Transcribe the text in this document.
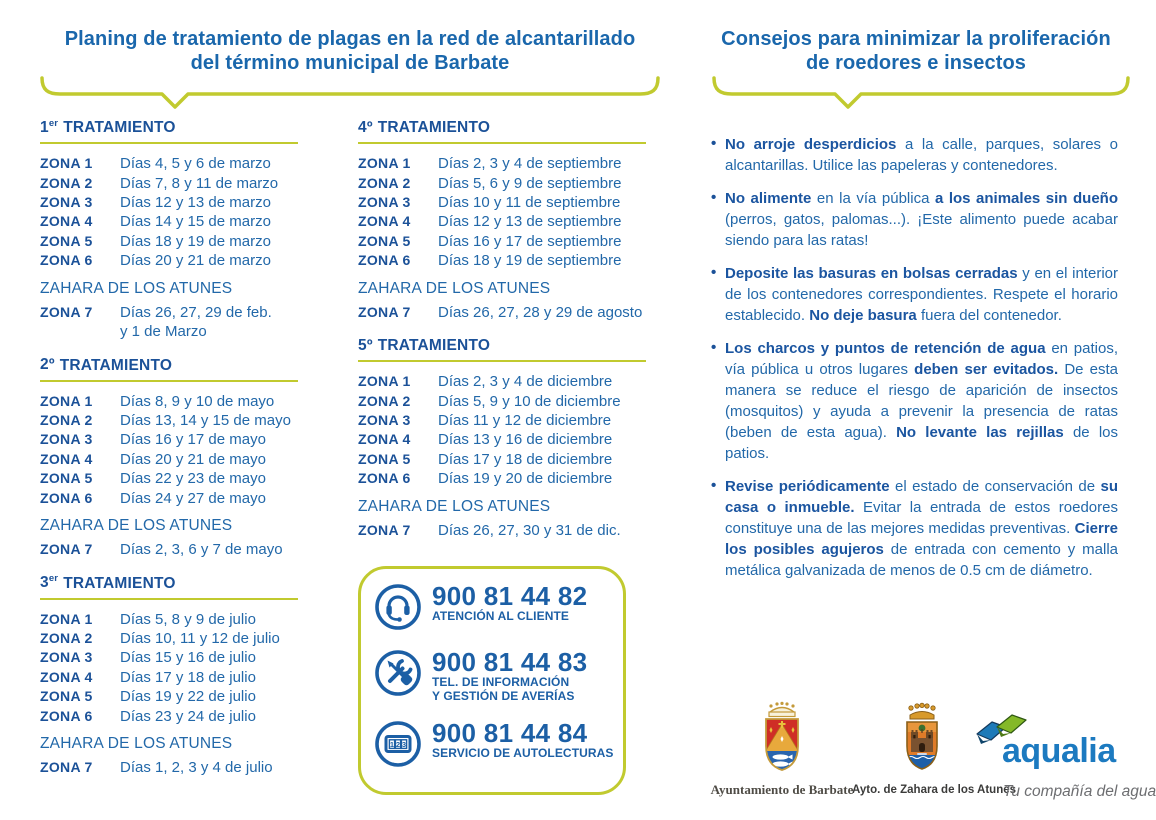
Planing de tratamiento de plagas en la red de alcantarillado
del término municipal de Barbate
Consejos para minimizar la proliferación
de roedores e insectos
1er TRATAMIENTO
ZONA 1	Días 4, 5 y 6 de marzo
ZONA 2	Días 7, 8 y 11 de marzo
ZONA 3	Días 12 y 13 de marzo
ZONA 4	Días 14 y 15 de marzo
ZONA 5	Días 18 y 19 de marzo
ZONA 6	Días 20 y 21 de marzo
ZAHARA DE LOS ATUNES
ZONA 7	Días 26, 27, 29 de feb.
y 1 de Marzo
2º TRATAMIENTO
ZONA 1	Días 8, 9 y 10 de mayo
ZONA 2	Días 13, 14 y 15 de mayo
ZONA 3	Días 16 y 17 de mayo
ZONA 4	Días 20 y 21 de mayo
ZONA 5	Días 22 y 23 de mayo
ZONA 6	Días 24 y 27 de mayo
ZAHARA DE LOS ATUNES
ZONA 7	Días 2, 3, 6 y 7 de mayo
3er TRATAMIENTO
ZONA 1	Días 5, 8 y 9 de julio
ZONA 2	Días 10, 11 y 12 de julio
ZONA 3	Días 15 y 16 de julio
ZONA 4	Días 17 y 18 de julio
ZONA 5	Días 19 y 22 de julio
ZONA 6	Días 23 y 24 de julio
ZAHARA DE LOS ATUNES
ZONA 7	Días 1, 2, 3 y 4 de julio
4º TRATAMIENTO
ZONA 1	Días 2, 3 y 4 de septiembre
ZONA 2	Días 5, 6 y 9 de septiembre
ZONA 3	Días 10 y 11 de septiembre
ZONA 4	Días 12 y 13 de septiembre
ZONA 5	Días 16 y 17 de septiembre
ZONA 6	Días 18 y 19 de septiembre
ZAHARA DE LOS ATUNES
ZONA 7	Días 26, 27, 28 y 29 de agosto
5º TRATAMIENTO
ZONA 1	Días 2, 3 y 4 de diciembre
ZONA 2	Días 5, 9 y 10 de diciembre
ZONA 3	Días 11 y 12 de diciembre
ZONA 4	Días 13 y 16 de diciembre
ZONA 5	Días 17 y 18 de diciembre
ZONA 6	Días 19 y 20 de diciembre
ZAHARA DE LOS ATUNES
ZONA 7	Días 26, 27, 30 y 31 de dic.
900 81 44 82
ATENCIÓN AL CLIENTE
900 81 44 83
TEL. DE INFORMACIÓN
Y GESTIÓN DE AVERÍAS
1 2 3 900 81 44 84
SERVICIO DE AUTOLECTURAS
• No arroje desperdicios a la calle, parques, solares o alcantarillas. Utilice las papeleras y contenedores.
• No alimente en la vía pública a los animales sin dueño (perros, gatos, palomas...). ¡Este alimento puede acabar siendo para las ratas!
• Deposite las basuras en bolsas cerradas y en el interior de los contenedores correspondientes. Respete el horario establecido. No deje basura fuera del contenedor.
• Los charcos y puntos de retención de agua en patios, vía pública u otros lugares deben ser evitados. De esta manera se reduce el riesgo de aparición de insectos (mosquitos) y ayuda a prevenir la presencia de ratas (beben de esta agua). No levante las rejillas de los patios.
• Revise periódicamente el estado de conservación de su casa o inmueble. Evitar la entrada de estos roedores constituye una de las mejores medidas preventivas. Cierre los posibles agujeros de entrada con cemento y malla metálica galvanizada de menos de 0.5 cm de diámetro.
Ayuntamiento de Barbate
Ayto. de Zahara de los Atunes
aqualia
Tu compañía del agua
